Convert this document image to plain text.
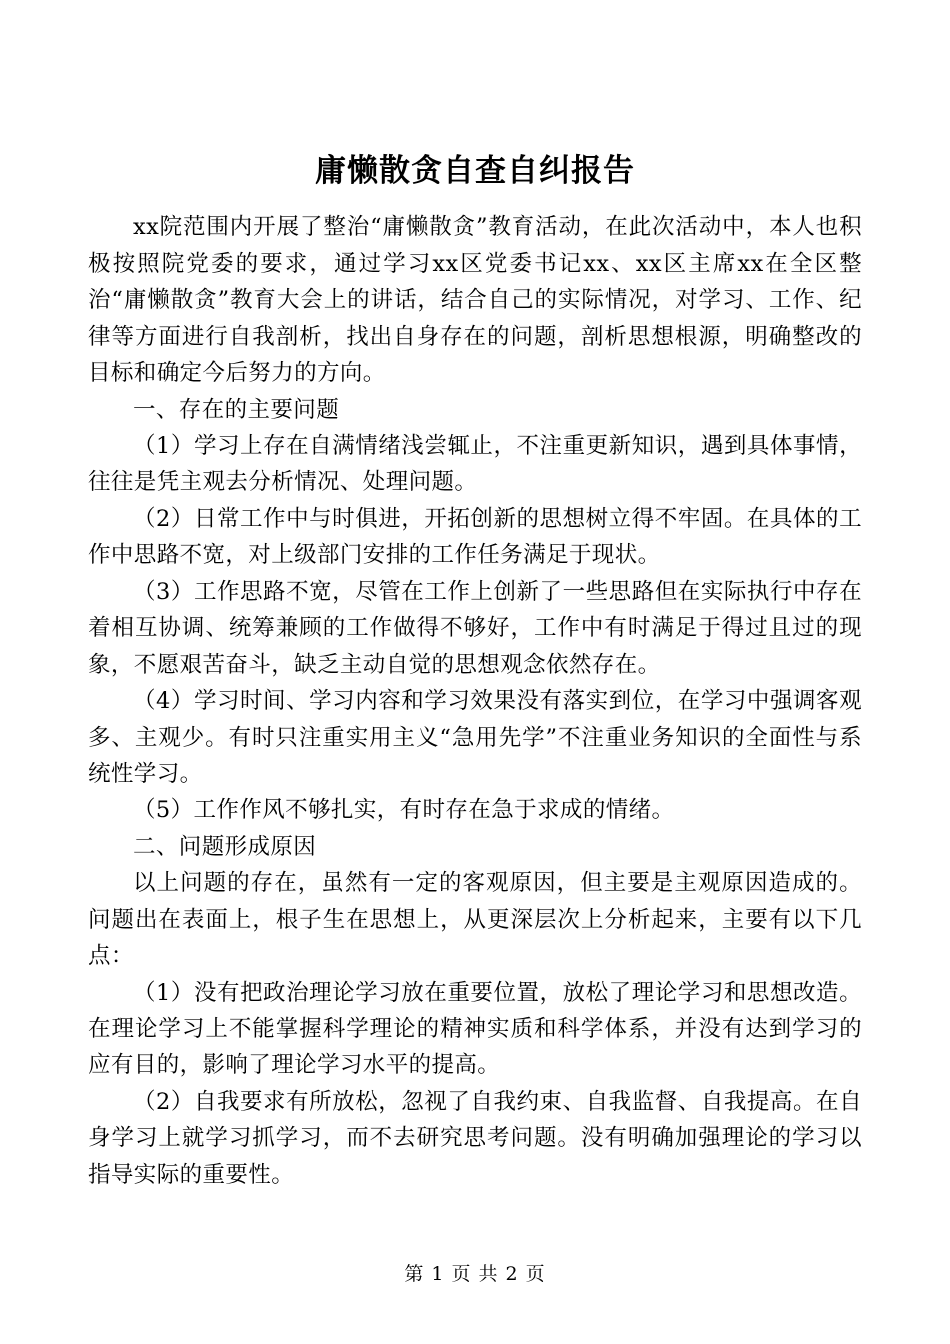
庸懒散贪自查自纠报告

xx院范围内开展了整治“庸懒散贪”教育活动，在此次活动中，本人也积极按照院党委的要求，通过学习xx区党委书记xx、xx区主席xx在全区整治“庸懒散贪”教育大会上的讲话，结合自己的实际情况，对学习、工作、纪律等方面进行自我剖析，找出自身存在的问题，剖析思想根源，明确整改的目标和确定今后努力的方向。

一、存在的主要问题

（1）学习上存在自满情绪浅尝辄止，不注重更新知识，遇到具体事情，往往是凭主观去分析情况、处理问题。

（2）日常工作中与时俱进，开拓创新的思想树立得不牢固。在具体的工作中思路不宽，对上级部门安排的工作任务满足于现状。

（3）工作思路不宽，尽管在工作上创新了一些思路但在实际执行中存在着相互协调、统筹兼顾的工作做得不够好，工作中有时满足于得过且过的现象，不愿艰苦奋斗，缺乏主动自觉的思想观念依然存在。

（4）学习时间、学习内容和学习效果没有落实到位，在学习中强调客观多、主观少。有时只注重实用主义“急用先学”不注重业务知识的全面性与系统性学习。

（5）工作作风不够扎实，有时存在急于求成的情绪。

二、问题形成原因

以上问题的存在，虽然有一定的客观原因，但主要是主观原因造成的。问题出在表面上，根子生在思想上，从更深层次上分析起来，主要有以下几点：

（1）没有把政治理论学习放在重要位置，放松了理论学习和思想改造。在理论学习上不能掌握科学理论的精神实质和科学体系，并没有达到学习的应有目的，影响了理论学习水平的提高。

（2）自我要求有所放松，忽视了自我约束、自我监督、自我提高。在自身学习上就学习抓学习，而不去研究思考问题。没有明确加强理论的学习以指导实际的重要性。

第 1 页 共 2 页
